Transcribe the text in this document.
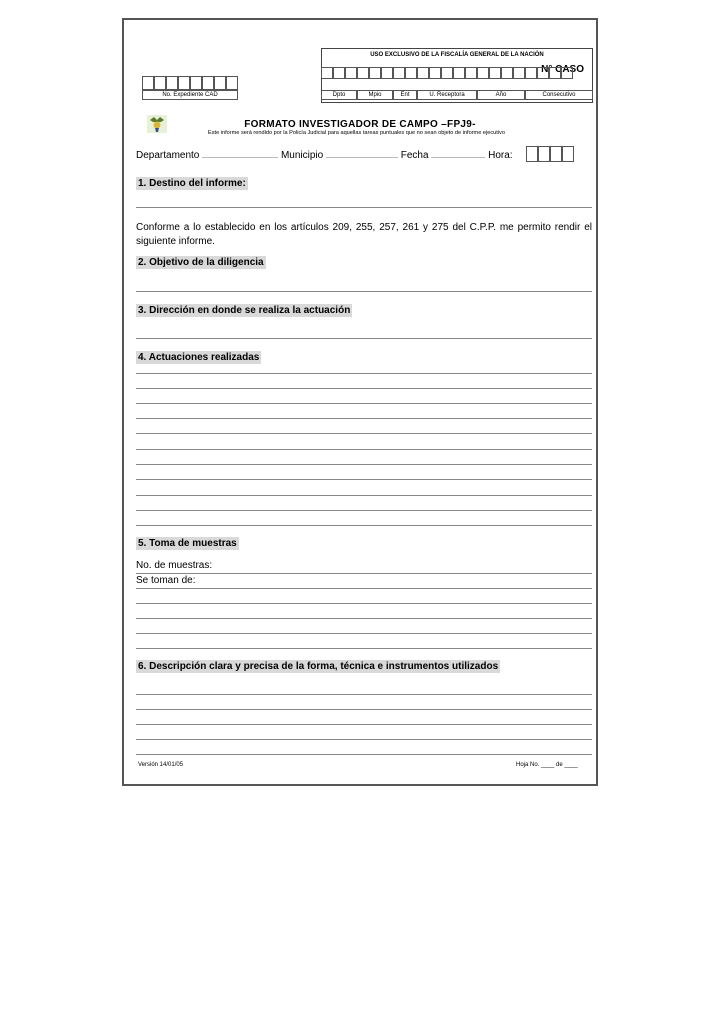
USO EXCLUSIVO DE LA FISCALÍA GENERAL DE LA NACIÓN
N° CASO
Dpto	Mpio	Ent	U. Receptora	Año	Consecutivo
No. Expediente CAD
FORMATO INVESTIGADOR DE CAMPO –FPJ9-
Este informe será rendido por la Policía Judicial para aquellas tareas puntuales que no sean objeto de informe ejecutivo
Departamento	Municipio	Fecha	Hora:
1. Destino del informe:
Conforme a lo establecido en los artículos 209, 255, 257, 261 y 275 del C.P.P. me permito rendir el siguiente informe.
2. Objetivo de la diligencia
3. Dirección en donde se realiza la actuación
4. Actuaciones realizadas
5. Toma de muestras
No. de muestras:
Se toman de:
6. Descripción clara y precisa de la forma, técnica e instrumentos utilizados
Versión 14/01/05	Hoja No. ____ de ____
